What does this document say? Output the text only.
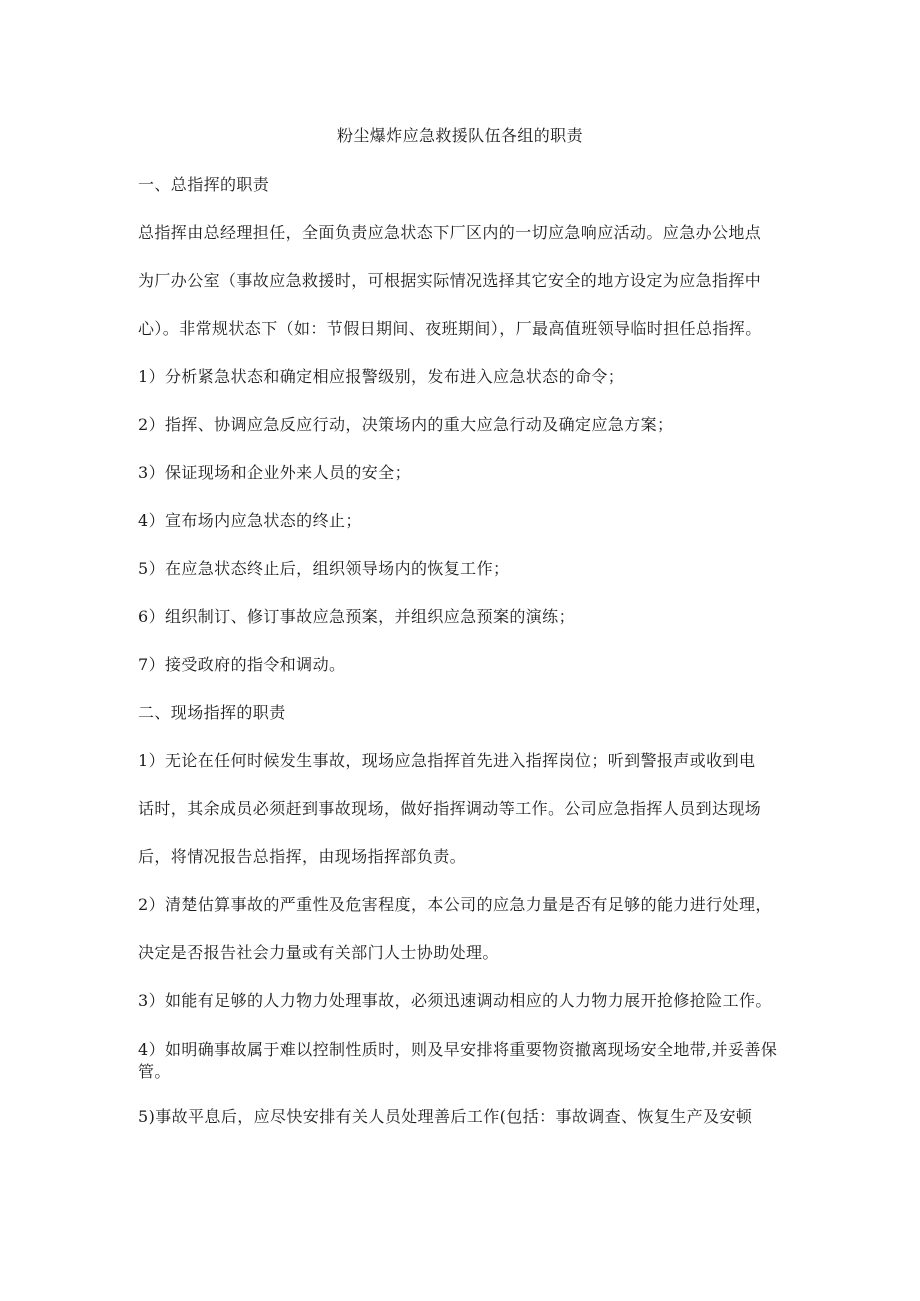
粉尘爆炸应急救援队伍各组的职责
一、总指挥的职责
总指挥由总经理担任，全面负责应急状态下厂区内的一切应急响应活动。应急办公地点
为厂办公室（事故应急救援时，可根据实际情况选择其它安全的地方设定为应急指挥中
心）。非常规状态下（如：节假日期间、夜班期间），厂最高值班领导临时担任总指挥。
1）分析紧急状态和确定相应报警级别，发布进入应急状态的命令；
2）指挥、协调应急反应行动，决策场内的重大应急行动及确定应急方案；
3）保证现场和企业外来人员的安全；
4）宣布场内应急状态的终止；
5）在应急状态终止后，组织领导场内的恢复工作；
6）组织制订、修订事故应急预案，并组织应急预案的演练；
7）接受政府的指令和调动。
二、现场指挥的职责
1）无论在任何时候发生事故，现场应急指挥首先进入指挥岗位；听到警报声或收到电
话时，其余成员必须赶到事故现场，做好指挥调动等工作。公司应急指挥人员到达现场
后，将情况报告总指挥，由现场指挥部负责。
2）清楚估算事故的严重性及危害程度，本公司的应急力量是否有足够的能力进行处理，
决定是否报告社会力量或有关部门人士协助处理。
3）如能有足够的人力物力处理事故，必须迅速调动相应的人力物力展开抢修抢险工作。
4）如明确事故属于难以控制性质时，则及早安排将重要物资撤离现场安全地带,并妥善保管。
5)事故平息后，应尽快安排有关人员处理善后工作(包括：事故调查、恢复生产及安顿
